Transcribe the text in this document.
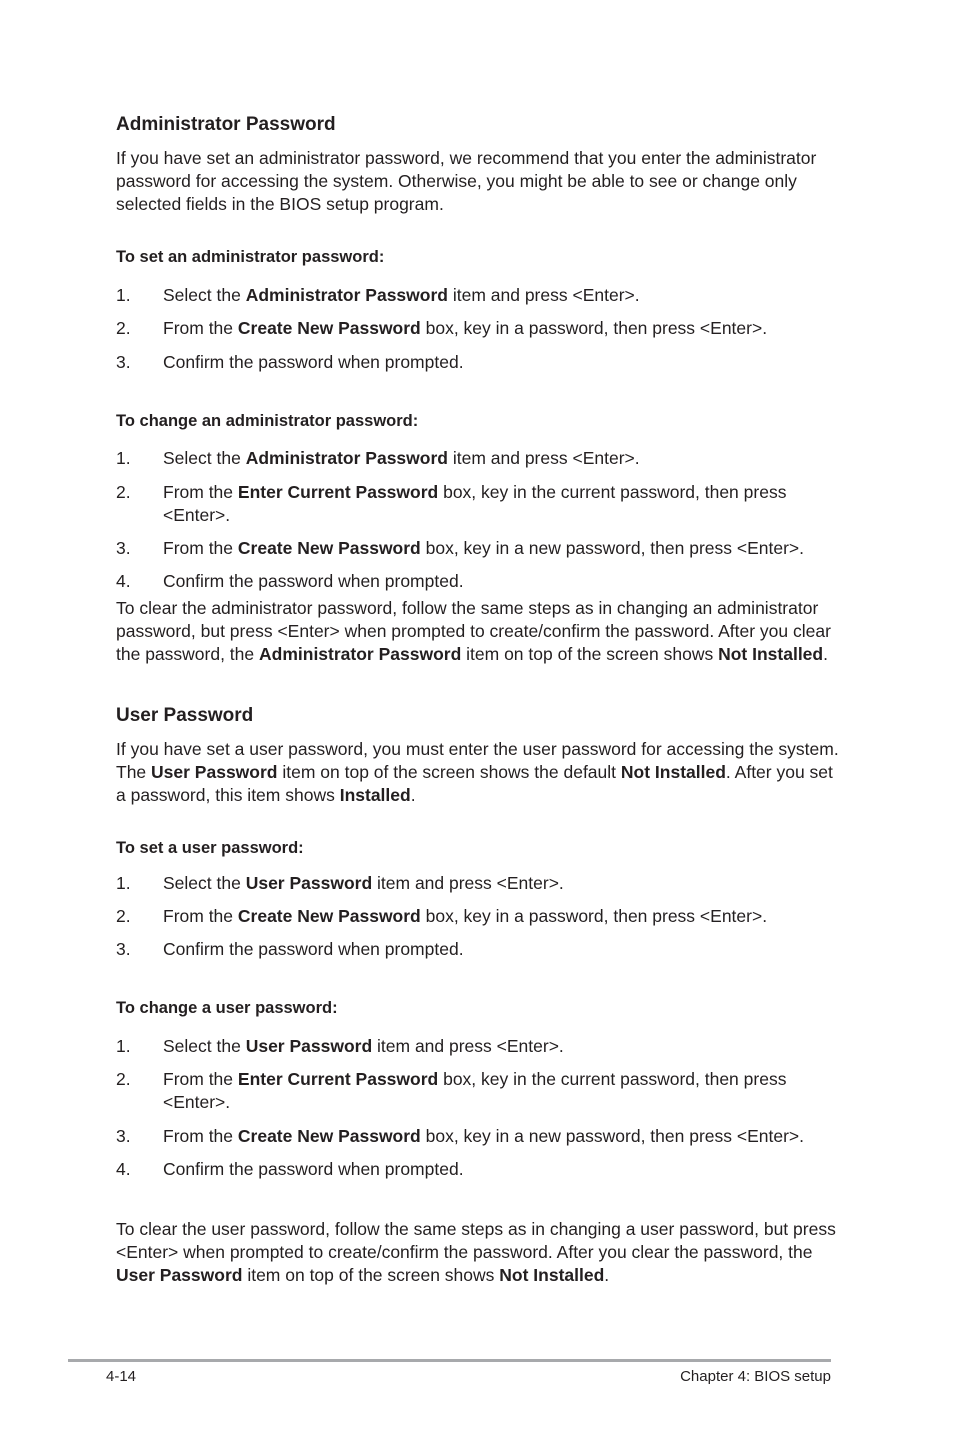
Administrator Password
If you have set an administrator password, we recommend that you enter the administrator password for accessing the system. Otherwise, you might be able to see or change only selected fields in the BIOS setup program.
To set an administrator password:
1. Select the Administrator Password item and press <Enter>.
2. From the Create New Password box, key in a password, then press <Enter>.
3. Confirm the password when prompted.
To change an administrator password:
1. Select the Administrator Password item and press <Enter>.
2. From the Enter Current Password box, key in the current password, then press <Enter>.
3. From the Create New Password box, key in a new password, then press <Enter>.
4. Confirm the password when prompted.
To clear the administrator password, follow the same steps as in changing an administrator password, but press <Enter> when prompted to create/confirm the password. After you clear the password, the Administrator Password item on top of the screen shows Not Installed.
User Password
If you have set a user password, you must enter the user password for accessing the system. The User Password item on top of the screen shows the default Not Installed. After you set a password, this item shows Installed.
To set a user password:
1. Select the User Password item and press <Enter>.
2. From the Create New Password box, key in a password, then press <Enter>.
3. Confirm the password when prompted.
To change a user password:
1. Select the User Password item and press <Enter>.
2. From the Enter Current Password box, key in the current password, then press <Enter>.
3. From the Create New Password box, key in a new password, then press <Enter>.
4. Confirm the password when prompted.
To clear the user password, follow the same steps as in changing a user password, but press <Enter> when prompted to create/confirm the password. After you clear the password, the User Password item on top of the screen shows Not Installed.
4-14	Chapter 4: BIOS setup
